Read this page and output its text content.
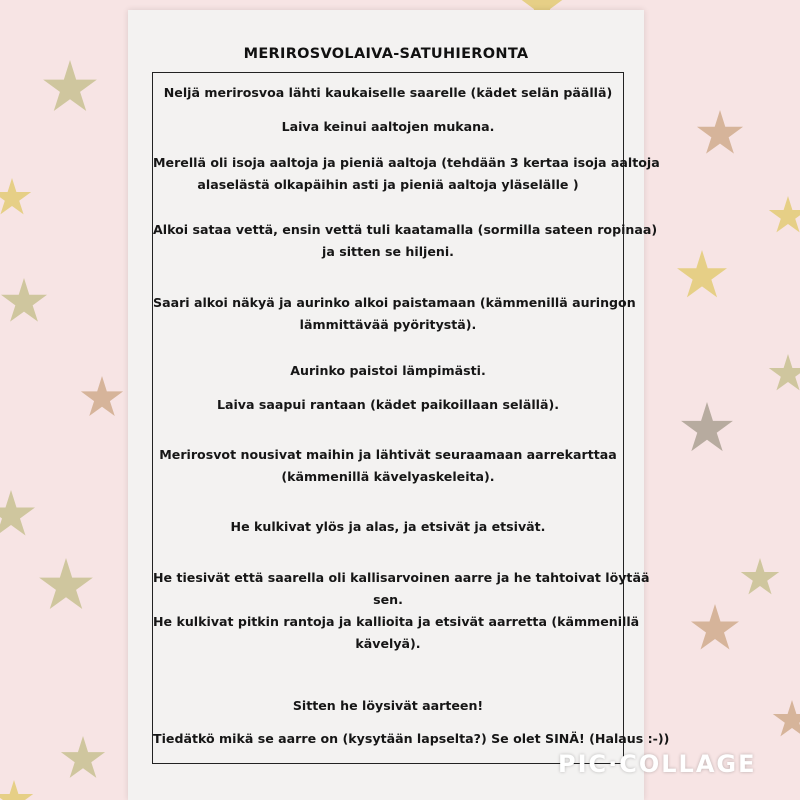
MERIROSVOLAIVA-SATUHIERONTA
Neljä merirosvoa lähti kaukaiselle saarelle (kädet selän päällä)
Laiva keinui aaltojen mukana.
Merellä oli isoja aaltoja ja pieniä aaltoja (tehdään 3 kertaa isoja aaltoja
alaselästä olkapäihin asti ja pieniä aaltoja yläselälle )
Alkoi sataa vettä, ensin vettä tuli kaatamalla (sormilla sateen ropinaa)
ja sitten se hiljeni.
Saari alkoi näkyä ja aurinko alkoi paistamaan (kämmenillä auringon
lämmittävää pyöritystä).
Aurinko paistoi lämpimästi.
Laiva saapui rantaan (kädet paikoillaan selällä).
Merirosvot nousivat maihin ja lähtivät seuraamaan aarrekarttaa
(kämmenillä kävelyaskeleita).
He kulkivat ylös ja alas, ja etsivät ja etsivät.
He tiesivät että saarella oli kallisarvoinen aarre ja he tahtoivat löytää
sen.
He kulkivat pitkin rantoja ja kallioita ja etsivät aarretta (kämmenillä
kävelyä).
Sitten he löysivät aarteen!
Tiedätkö mikä se aarre on (kysytään lapselta?) Se olet SINÄ! (Halaus :-))
PIC·COLLAGE
